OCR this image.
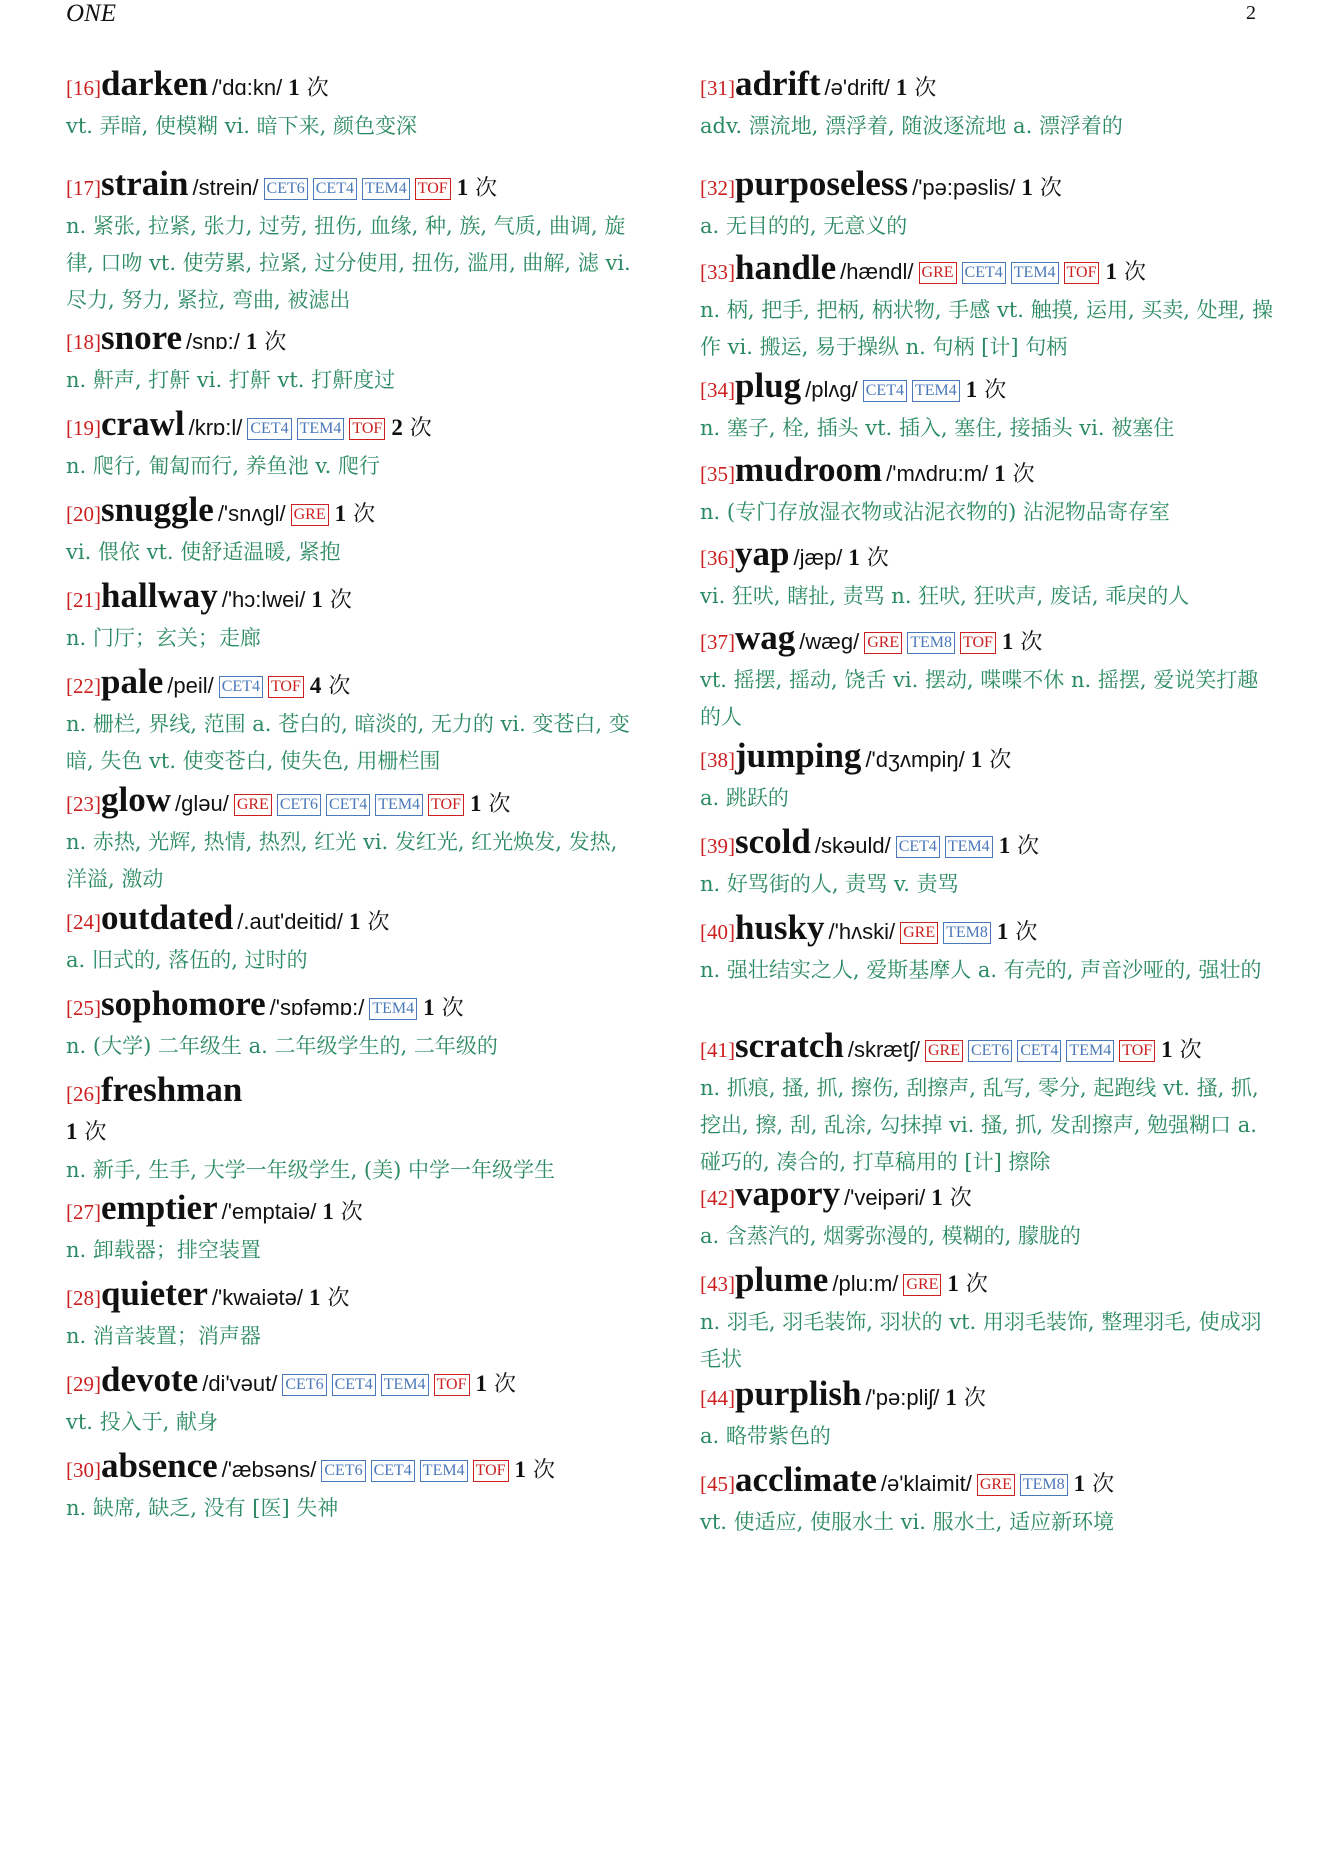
ONE	2
[16]darken /'dɑ:kn/ 1 次
vt. 弄暗, 使模糊 vi. 暗下来, 颜色变深
[17]strain /strein/ CET6 CET4 TEM4 TOF 1 次
n. 紧张, 拉紧, 张力, 过劳, 扭伤, 血缘, 种, 族, 气质, 曲调, 旋律, 口吻 vt. 使劳累, 拉紧, 过分使用, 扭伤, 滥用, 曲解, 滤 vi. 尽力, 努力, 紧拉, 弯曲, 被滤出
[18]snore /snɒ:/ 1 次
n. 鼾声, 打鼾 vi. 打鼾 vt. 打鼾度过
[19]crawl /krɒ:l/ CET4 TEM4 TOF 2 次
n. 爬行, 匍匐而行, 养鱼池 v. 爬行
[20]snuggle /'snʌgl/ GRE 1 次
vi. 偎依 vt. 使舒适温暖, 紧抱
[21]hallway /'hɔ:lwei/ 1 次
n. 门厅；玄关；走廊
[22]pale /peil/ CET4 TOF 4 次
n. 栅栏, 界线, 范围 a. 苍白的, 暗淡的, 无力的 vi. 变苍白, 变暗, 失色 vt. 使变苍白, 使失色, 用栅栏围
[23]glow /gləu/ GRE CET6 CET4 TEM4 TOF 1 次
n. 赤热, 光辉, 热情, 热烈, 红光 vi. 发红光, 红光焕发, 发热, 洋溢, 激动
[24]outdated /.aut'deitid/ 1 次
a. 旧式的, 落伍的, 过时的
[25]sophomore /'sɒfəmɒ:/ TEM4 1 次
n. (大学) 二年级生 a. 二年级学生的, 二年级的
[26]freshman
1 次
n. 新手, 生手, 大学一年级学生, (美) 中学一年级学生
[27]emptier /'emptaiə/ 1 次
n. 卸载器；排空装置
[28]quieter /'kwaiətə/ 1 次
n. 消音装置；消声器
[29]devote /di'vəut/ CET6 CET4 TEM4 TOF 1 次
vt. 投入于, 献身
[30]absence /'æbsəns/ CET6 CET4 TEM4 TOF 1 次
n. 缺席, 缺乏, 没有 [医] 失神
[31]adrift /ə'drift/ 1 次
adv. 漂流地, 漂浮着, 随波逐流地 a. 漂浮着的
[32]purposeless /'pə:pəslis/ 1 次
a. 无目的的, 无意义的
[33]handle /hændl/ GRE CET4 TEM4 TOF 1 次
n. 柄, 把手, 把柄, 柄状物, 手感 vt. 触摸, 运用, 买卖, 处理, 操作 vi. 搬运, 易于操纵 n. 句柄 [计] 句柄
[34]plug /plʌg/ CET4 TEM4 1 次
n. 塞子, 栓, 插头 vt. 插入, 塞住, 接插头 vi. 被塞住
[35]mudroom /'mʌdru:m/ 1 次
n. (专门存放湿衣物或沾泥衣物的) 沾泥物品寄存室
[36]yap /jæp/ 1 次
vi. 狂吠, 瞎扯, 责骂 n. 狂吠, 狂吠声, 废话, 乖戾的人
[37]wag /wæg/ GRE TEM8 TOF 1 次
vt. 摇摆, 摇动, 饶舌 vi. 摆动, 喋喋不休 n. 摇摆, 爱说笑打趣的人
[38]jumping /'dʒʌmpiŋ/ 1 次
a. 跳跃的
[39]scold /skəuld/ CET4 TEM4 1 次
n. 好骂街的人, 责骂 v. 责骂
[40]husky /'hʌski/ GRE TEM8 1 次
n. 强壮结实之人, 爱斯基摩人 a. 有壳的, 声音沙哑的, 强壮的
[41]scratch /skrætʃ/ GRE CET6 CET4 TEM4 TOF 1 次
n. 抓痕, 搔, 抓, 擦伤, 刮擦声, 乱写, 零分, 起跑线 vt. 搔, 抓, 挖出, 擦, 刮, 乱涂, 勾抹掉 vi. 搔, 抓, 发刮擦声, 勉强糊口 a. 碰巧的, 凑合的, 打草稿用的 [计] 擦除
[42]vapory /'veipəri/ 1 次
a. 含蒸汽的, 烟雾弥漫的, 模糊的, 朦胧的
[43]plume /plu:m/ GRE 1 次
n. 羽毛, 羽毛装饰, 羽状的 vt. 用羽毛装饰, 整理羽毛, 使成羽毛状
[44]purplish /'pə:pliʃ/ 1 次
a. 略带紫色的
[45]acclimate /ə'klaimit/ GRE TEM8 1 次
vt. 使适应, 使服水土 vi. 服水土, 适应新环境
